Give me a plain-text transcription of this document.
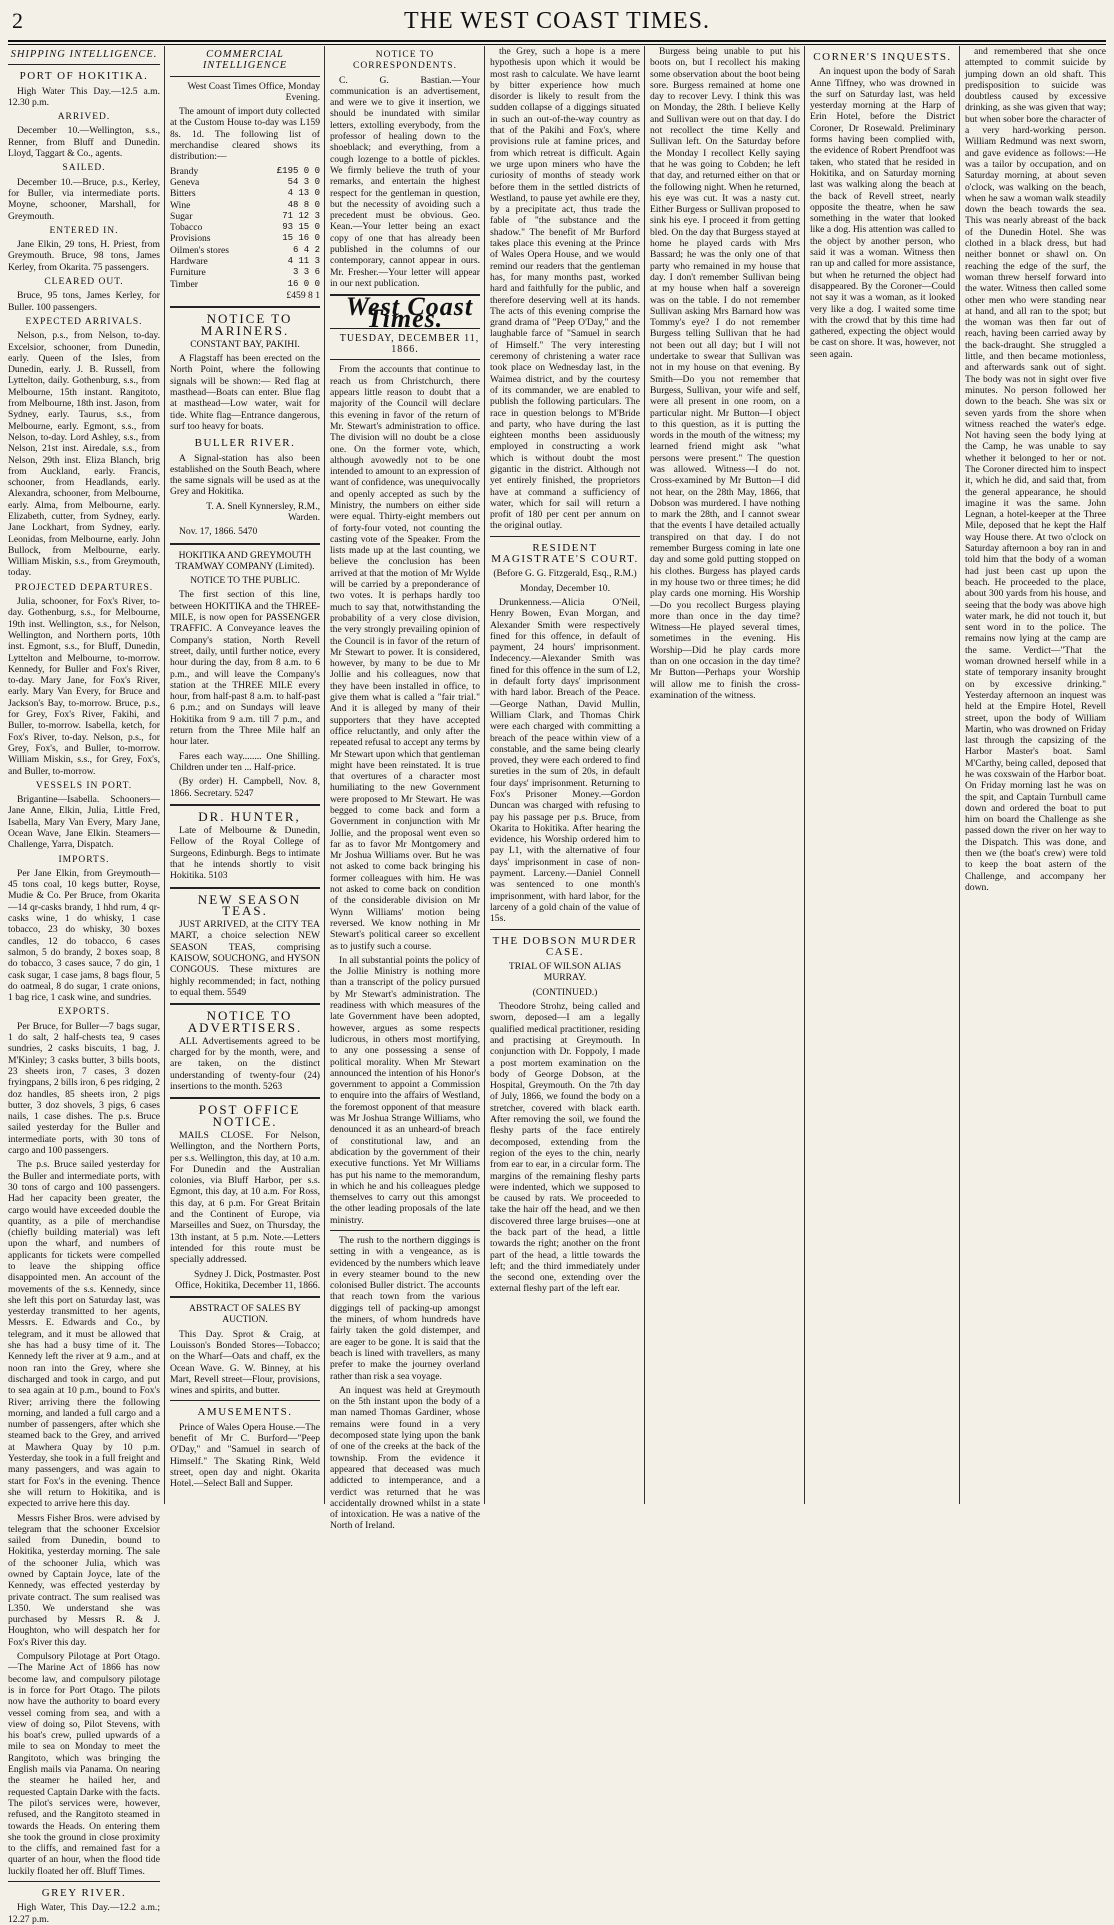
2	THE WEST COAST TIMES.

SHIPPING INTELLIGENCE.

PORT OF HOKITIKA.

High Water This Day.—12.5 a.m. 12.30 p.m.

ARRIVED.

December 10.—Wellington, s.s., Renner, from Bluff and Dunedin. Lloyd, Taggart & Co., agents.

SAILED.

December 10.—Bruce, p.s., Kerley, for Buller, via intermediate ports. Moyne, schooner, Marshall, for Greymouth.

ENTERED IN.

Jane Elkin, 29 tons, H. Priest, from Greymouth. Bruce, 98 tons, James Kerley, from Okarita. 75 passengers.

CLEARED OUT.

Bruce, 95 tons, James Kerley, for Buller. 100 passengers.

EXPECTED ARRIVALS.

Nelson, p.s., from Nelson, to-day. Excelsior, schooner, from Dunedin, early. Queen of the Isles, from Dunedin, early. J. B. Russell, from Lyttelton, daily. Gothenburg, s.s., from Melbourne, 15th instant. Rangitoto, from Melbourne, 18th inst. Jason, from Sydney, early. Taurus, s.s., from Melbourne, early. Egmont, s.s., from Nelson, to-day. Lord Ashley, s.s., from Nelson, 21st inst. Airedale, s.s., from Nelson, 29th inst. Eliza Blanch, brig from Auckland, early. Francis, schooner, from Headlands, early. Alexandra, schooner, from Melbourne, early. Alma, from Melbourne, early. Elizabeth, cutter, from Sydney, early. Jane Lockhart, from Sydney, early. Leonidas, from Melbourne, early. John Bullock, from Melbourne, early. William Miskin, s.s., from Greymouth, today.

PROJECTED DEPARTURES.

Julia, schooner, for Fox's River, to-day. Gothenburg, s.s., for Melbourne, 19th inst. Wellington, s.s., for Nelson, Wellington, and Northern ports, 10th inst. Egmont, s.s., for Bluff, Dunedin, Lyttelton and Melbourne, to-morrow. Kennedy, for Buller and Fox's River, to-day. Mary Jane, for Fox's River, early. Mary Van Every, for Bruce and Jackson's Bay, to-morrow. Bruce, p.s., for Grey, Fox's River, Fakihi, and Buller, to-morrow. Isabella, ketch, for Fox's River, to-day. Nelson, p.s., for Grey, Fox's, and Buller, to-morrow. William Miskin, s.s., for Grey, Fox's, and Buller, to-morrow.

VESSELS IN PORT.

Brigantine—Isabella. Schooners—Jane Anne, Elkin, Julia, Little Fred, Isabella, Mary Van Every, Mary Jane, Ocean Wave, Jane Elkin. Steamers—Challenge, Yarra, Dispatch.

IMPORTS.

Per Jane Elkin, from Greymouth—45 tons coal, 10 kegs butter, Royse, Mudie & Co. Per Bruce, from Okarita—14 qr-casks brandy, 1 hhd rum, 4 qr-casks wine, 1 do whisky, 1 case tobacco, 23 do whisky, 30 boxes candles, 12 do tobacco, 6 cases salmon, 5 do brandy, 2 boxes soap, 8 do tobacco, 3 cases sauce, 7 do gin, 1 cask sugar, 1 case jams, 8 bags flour, 5 do oatmeal, 8 do sugar, 1 crate onions, 1 bag rice, 1 cask wine, and sundries.

EXPORTS.

Per Bruce, for Buller—7 bags sugar, 1 do salt, 2 half-chests tea, 9 cases sundries, 2 casks biscuits, 1 bag, J. M'Kinley; 3 casks butter, 3 bills boots, 23 sheets iron, 7 cases, 3 dozen fryingpans, 2 bills iron, 6 pes ridging, 2 doz handles, 85 sheets iron, 2 pigs butter, 3 doz shovels, 3 pigs, 6 cases nails, 1 case dishes. The p.s. Bruce sailed yesterday for the Buller and intermediate ports, with 30 tons of cargo and 100 passengers.

The p.s. Bruce sailed yesterday for the Buller and intermediate ports, with 30 tons of cargo and 100 passengers. Had her capacity been greater, the cargo would have exceeded double the quantity, as a pile of merchandise (chiefly building material) was left upon the wharf, and numbers of applicants for tickets were compelled to leave the shipping office disappointed men. An account of the movements of the s.s. Kennedy, since she left this port on Saturday last, was yesterday transmitted to her agents, Messrs. E. Edwards and Co., by telegram, and it must be allowed that she has had a busy time of it. The Kennedy left the river at 9 a.m., and at noon ran into the Grey, where she discharged and took in cargo, and put to sea again at 10 p.m., bound to Fox's River; arriving there the following morning, and landed a full cargo and a number of passengers, after which she steamed back to the Grey, and arrived at Mawhera Quay by 10 p.m. Yesterday, she took in a full freight and many passengers, and was again to start for Fox's in the evening. Thence she will return to Hokitika, and is expected to arrive here this day.

Messrs Fisher Bros. were advised by telegram that the schooner Excelsior sailed from Dunedin, bound to Hokitika, yesterday morning. The sale of the schooner Julia, which was owned by Captain Joyce, late of the Kennedy, was effected yesterday by private contract. The sum realised was L350. We understand she was purchased by Messrs R. & J. Houghton, who will despatch her for Fox's River this day.

Compulsory Pilotage at Port Otago.—The Marine Act of 1866 has now become law, and compulsory pilotage is in force for Port Otago. The pilots now have the authority to board every vessel coming from sea, and with a view of doing so, Pilot Stevens, with his boat's crew, pulled upwards of a mile to sea on Monday to meet the Rangitoto, which was bringing the English mails via Panama. On nearing the steamer he hailed her, and requested Captain Darke with the facts. The pilot's services were, however, refused, and the Rangitoto steamed in towards the Heads. On entering them she took the ground in close proximity to the cliffs, and remained fast for a quarter of an hour, when the flood tide luckily floated her off. Bluff Times.

GREY RIVER.

High Water, This Day.—12.2 a.m.; 12.27 p.m.

COMMERCIAL INTELLIGENCE

West Coast Times Office, Monday Evening.

The amount of import duty collected at the Custom House to-day was L159 8s. 1d. The following list of merchandise cleared shows its distribution:—

Brandy	£195 0 0
Geneva	54 3 0
Bitters	4 13 0
Wine	48 8 0
Sugar	71 12 3
Tobacco	93 15 0
Provisions	15 16 0
Oilmen's stores	6 4 2
Hardware	4 11 3
Furniture	3 3 6
Timber	16 0 0

£459 8 1

NOTICE TO MARINERS.

CONSTANT BAY, PAKIHI.

A Flagstaff has been erected on the North Point, where the following signals will be shown:— Red flag at masthead—Boats can enter. Blue flag at masthead—Low water, wait for tide. White flag—Entrance dangerous, surf too heavy for boats.

BULLER RIVER.

A Signal-station has also been established on the South Beach, where the same signals will be used as at the Grey and Hokitika.

T. A. Snell Kynnersley, R.M., Warden.

Nov. 17, 1866. 5470

HOKITIKA AND GREYMOUTH TRAMWAY COMPANY (Limited).

NOTICE TO THE PUBLIC.

The first section of this line, between HOKITIKA and the THREE-MILE, is now open for PASSENGER TRAFFIC. A Conveyance leaves the Company's station, North Revell street, daily, until further notice, every hour during the day, from 8 a.m. to 6 p.m., and will leave the Company's station at the THREE MILE every hour, from half-past 8 a.m. to half-past 6 p.m.; and on Sundays will leave Hokitika from 9 a.m. till 7 p.m., and return from the Three Mile half an hour later.

Fares each way........ One Shilling. Children under ten ... Half-price.

(By order) H. Campbell, Nov. 8, 1866. Secretary. 5247

DR. HUNTER,

Late of Melbourne & Dunedin, Fellow of the Royal College of Surgeons, Edinburgh. Begs to intimate that he intends shortly to visit Hokitika. 5103

NEW SEASON TEAS.

JUST ARRIVED, at the CITY TEA MART, a choice selection NEW SEASON TEAS, comprising KAISOW, SOUCHONG, and HYSON CONGOUS. These mixtures are highly recommended; in fact, nothing to equal them. 5549

NOTICE TO ADVERTISERS.

ALL Advertisements agreed to be charged for by the month, were, and are taken, on the distinct understanding of twenty-four (24) insertions to the month. 5263

POST OFFICE NOTICE.

MAILS CLOSE. For Nelson, Wellington, and the Northern Ports, per s.s. Wellington, this day, at 10 a.m. For Dunedin and the Australian colonies, via Bluff Harbor, per s.s. Egmont, this day, at 10 a.m. For Ross, this day, at 6 p.m. For Great Britain and the Continent of Europe, via Marseilles and Suez, on Thursday, the 13th instant, at 5 p.m. Note.—Letters intended for this route must be specially addressed.

Sydney J. Dick, Postmaster. Post Office, Hokitika, December 11, 1866.

ABSTRACT OF SALES BY AUCTION.

This Day. Sprot & Craig, at Louisson's Bonded Stores—Tobacco; on the Wharf—Oats and chaff, ex the Ocean Wave. G. W. Binney, at his Mart, Revell street—Flour, provisions, wines and spirits, and butter.

AMUSEMENTS.

Prince of Wales Opera House.—The benefit of Mr C. Burford—"Peep O'Day," and "Samuel in search of Himself." The Skating Rink, Weld street, open day and night. Okarita Hotel.—Select Ball and Supper.

NOTICE TO CORRESPONDENTS.

C. G. Bastian.—Your communication is an advertisement, and were we to give it insertion, we should be inundated with similar letters, extolling everybody, from the professor of healing down to the shoeblack; and everything, from a cough lozenge to a bottle of pickles. We firmly believe the truth of your remarks, and entertain the highest respect for the gentleman in question, but the necessity of avoiding such a precedent must be obvious. Geo. Kean.—Your letter being an exact copy of one that has already been published in the columns of our contemporary, cannot appear in ours. Mr. Fresher.—Your letter will appear in our next publication.

West Coast Times.

TUESDAY, DECEMBER 11, 1866.

From the accounts that continue to reach us from Christchurch, there appears little reason to doubt that a majority of the Council will declare this evening in favor of the return of Mr. Stewart's administration to office. The division will no doubt be a close one. On the former vote, which, although avowedly not to be one intended to amount to an expression of want of confidence, was unequivocally and openly accepted as such by the Ministry, the numbers on either side were equal. Thirty-eight members out of forty-four voted, not counting the casting vote of the Speaker. From the lists made up at the last counting, we believe the conclusion has been arrived at that the motion of Mr Wylde will be carried by a preponderance of two votes. It is perhaps hardly too much to say that, notwithstanding the probability of a very close division, the very strongly prevailing opinion of the Council is in favor of the return of Mr Stewart to power. It is considered, however, by many to be due to Mr Jollie and his colleagues, now that they have been installed in office, to give them what is called a "fair trial." And it is alleged by many of their supporters that they have accepted office reluctantly, and only after the repeated refusal to accept any terms by Mr Stewart upon which that gentleman might have been reinstated. It is true that overtures of a character most humiliating to the new Government were proposed to Mr Stewart. He was begged to come back and form a Government in conjunction with Mr Jollie, and the proposal went even so far as to favor Mr Montgomery and Mr Joshua Williams over. But he was not asked to come back bringing his former colleagues with him. He was not asked to come back on condition of the considerable division on Mr Wynn Williams' motion being reversed. We know nothing in Mr Stewart's political career so excellent as to justify such a course.

In all substantial points the policy of the Jollie Ministry is nothing more than a transcript of the policy pursued by Mr Stewart's administration. The readiness with which measures of the late Government have been adopted, however, argues as some respects ludicrous, in others most mortifying, to any one possessing a sense of political morality. When Mr Stewart announced the intention of his Honor's government to appoint a Commission to enquire into the affairs of Westland, the foremost opponent of that measure was Mr Joshua Strange Williams, who denounced it as an unheard-of breach of constitutional law, and an abdication by the government of their executive functions. Yet Mr Williams has put his name to the memorandum, in which he and his colleagues pledge themselves to carry out this amongst the other leading proposals of the late ministry.

The rush to the northern diggings is setting in with a vengeance, as is evidenced by the numbers which leave in every steamer bound to the new colonised Buller district. The accounts that reach town from the various diggings tell of packing-up amongst the miners, of whom hundreds have fairly taken the gold distemper, and are eager to be gone. It is said that the beach is lined with travellers, as many prefer to make the journey overland rather than risk a sea voyage.

An inquest was held at Greymouth on the 5th instant upon the body of a man named Thomas Gardiner, whose remains were found in a very decomposed state lying upon the bank of one of the creeks at the back of the township. From the evidence it appeared that deceased was much addicted to intemperance, and a verdict was returned that he was accidentally drowned whilst in a state of intoxication. He was a native of the North of Ireland.

the Grey, such a hope is a mere hypothesis upon which it would be most rash to calculate. We have learnt by bitter experience how much disorder is likely to result from the sudden collapse of a diggings situated in such an out-of-the-way country as that of the Pakihi and Fox's, where provisions rule at famine prices, and from which retreat is difficult. Again we urge upon miners who have the curiosity of months of steady work before them in the settled districts of Westland, to pause yet awhile ere they, by a precipitate act, thus trade the fable of "the substance and the shadow." The benefit of Mr Burford takes place this evening at the Prince of Wales Opera House, and we would remind our readers that the gentleman has, for many months past, worked hard and faithfully for the public, and therefore deserving well at its hands. The acts of this evening comprise the grand drama of "Peep O'Day," and the laughable farce of "Samuel in search of Himself." The very interesting ceremony of christening a water race took place on Wednesday last, in the Waimea district, and by the courtesy of its commander, we are enabled to publish the following particulars. The race in question belongs to M'Bride and party, who have during the last eighteen months been assiduously employed in constructing a work which is without doubt the most gigantic in the district. Although not yet entirely finished, the proprietors have at command a sufficiency of water, which for sail will return a profit of 180 per cent per annum on the original outlay.

RESIDENT MAGISTRATE'S COURT.

(Before G. G. Fitzgerald, Esq., R.M.)

Monday, December 10.

Drunkenness.—Alicia O'Neil, Henry Bowen, Evan Morgan, and Alexander Smith were respectively fined for this offence, in default of payment, 24 hours' imprisonment. Indecency.—Alexander Smith was fined for this offence in the sum of L2, in default forty days' imprisonment with hard labor. Breach of the Peace.—George Nathan, David Mullin, William Clark, and Thomas Chirk were each charged with committing a breach of the peace within view of a constable, and the same being clearly proved, they were each ordered to find sureties in the sum of 20s, in default four days' imprisonment. Returning to Fox's Prisoner Money.—Gordon Duncan was charged with refusing to pay his passage per p.s. Bruce, from Okarita to Hokitika. After hearing the evidence, his Worship ordered him to pay L1, with the alternative of four days' imprisonment in case of non-payment. Larceny.—Daniel Connell was sentenced to one month's imprisonment, with hard labor, for the larceny of a gold chain of the value of 15s.

THE DOBSON MURDER CASE.

TRIAL OF WILSON ALIAS MURRAY.

(CONTINUED.)

Theodore Strohz, being called and sworn, deposed—I am a legally qualified medical practitioner, residing and practising at Greymouth. In conjunction with Dr. Foppoly, I made a post mortem examination on the body of George Dobson, at the Hospital, Greymouth. On the 7th day of July, 1866, we found the body on a stretcher, covered with black earth. After removing the soil, we found the fleshy parts of the face entirely decomposed, extending from the region of the eyes to the chin, nearly from ear to ear, in a circular form. The margins of the remaining fleshy parts were indented, which we supposed to be caused by rats. We proceeded to take the hair off the head, and we then discovered three large bruises—one at the back part of the head, a little towards the right; another on the front part of the head, a little towards the left; and the third immediately under the second one, extending over the external fleshy part of the left ear.

Burgess being unable to put his boots on, but I recollect his making some observation about the boot being sore. Burgess remained at home one day to recover Levy. I think this was on Monday, the 28th. I believe Kelly and Sullivan were out on that day. I do not recollect the time Kelly and Sullivan left. On the Saturday before the Monday I recollect Kelly saying that he was going to Cobden; he left that day, and returned either on that or the following night. When he returned, his eye was cut. It was a nasty cut. Either Burgess or Sullivan proposed to sink his eye. I proceed it from getting bled. On the day that Burgess stayed at home he played cards with Mrs Bassard; he was the only one of that party who remained in my house that day. I don't remember Sullivan being at my house when half a sovereign was on the table. I do not remember Sullivan asking Mrs Barnard how was Tommy's eye? I do not remember Burgess telling Sullivan that he had not been out all day; but I will not undertake to swear that Sullivan was not in my house on that evening. By Smith—Do you not remember that Burgess, Sullivan, your wife and self, were all present in one room, on a particular night. Mr Button—I object to this question, as it is putting the words in the mouth of the witness; my learned friend might ask "what persons were present." The question was allowed. Witness—I do not. Cross-examined by Mr Button—I did not hear, on the 28th May, 1866, that Dobson was murdered. I have nothing to mark the 28th, and I cannot swear that the events I have detailed actually transpired on that day. I do not remember Burgess coming in late one day and some gold putting stopped on his clothes. Burgess has played cards in my house two or three times; he did play cards one morning. His Worship—Do you recollect Burgess playing more than once in the day time? Witness—He played several times, sometimes in the evening. His Worship—Did he play cards more than on one occasion in the day time? Mr Button—Perhaps your Worship will allow me to finish the cross-examination of the witness.

CORNER'S INQUESTS.

An inquest upon the body of Sarah Anne Tiffney, who was drowned in the surf on Saturday last, was held yesterday morning at the Harp of Erin Hotel, before the District Coroner, Dr Rosewald. Preliminary forms having been complied with, the evidence of Robert Prendfoot was taken, who stated that he resided in Hokitika, and on Saturday morning last was walking along the beach at the back of Revell street, nearly opposite the theatre, when he saw something in the water that looked like a dog. His attention was called to the object by another person, who said it was a woman. Witness then ran up and called for more assistance, but when he returned the object had disappeared. By the Coroner—Could not say it was a woman, as it looked very like a dog. I waited some time with the crowd that by this time had gathered, expecting the object would be cast on shore. It was, however, not seen again.

and remembered that she once attempted to commit suicide by jumping down an old shaft. This predisposition to suicide was doubtless caused by excessive drinking, as she was given that way; but when sober bore the character of a very hard-working person. William Redmund was next sworn, and gave evidence as follows:—He was a tailor by occupation, and on Saturday morning, at about seven o'clock, was walking on the beach, when he saw a woman walk steadily down the beach towards the sea. This was nearly abreast of the back of the Dunedin Hotel. She was clothed in a black dress, but had neither bonnet or shawl on. On reaching the edge of the surf, the woman threw herself forward into the water. Witness then called some other men who were standing near at hand, and all ran to the spot; but the woman was then far out of reach, having been carried away by the back-draught. She struggled a little, and then became motionless, and afterwards sank out of sight. The body was not in sight over five minutes. No person followed her down to the beach. She was six or seven yards from the shore when witness reached the water's edge. Not having seen the body lying at the Camp, he was unable to say whether it belonged to her or not. The Coroner directed him to inspect it, which he did, and said that, from the general appearance, he should imagine it was the same. John Legnan, a hotel-keeper at the Three Mile, deposed that he kept the Half way House there. At two o'clock on Saturday afternoon a boy ran in and told him that the body of a woman had just been cast up upon the beach. He proceeded to the place, about 300 yards from his house, and seeing that the body was above high water mark, he did not touch it, but sent word in to the police. The remains now lying at the camp are the same. Verdict—"That the woman drowned herself while in a state of temporary insanity brought on by excessive drinking." Yesterday afternoon an inquest was held at the Empire Hotel, Revell street, upon the body of William Martin, who was drowned on Friday last through the capsizing of the Harbor Master's boat. Saml M'Carthy, being called, deposed that he was coxswain of the Harbor boat. On Friday morning last he was on the spit, and Captain Turnbull came down and ordered the boat to put him on board the Challenge as she passed down the river on her way to the Dispatch. This was done, and then we (the boat's crew) were told to keep the boat astern of the Challenge, and accompany her down.
